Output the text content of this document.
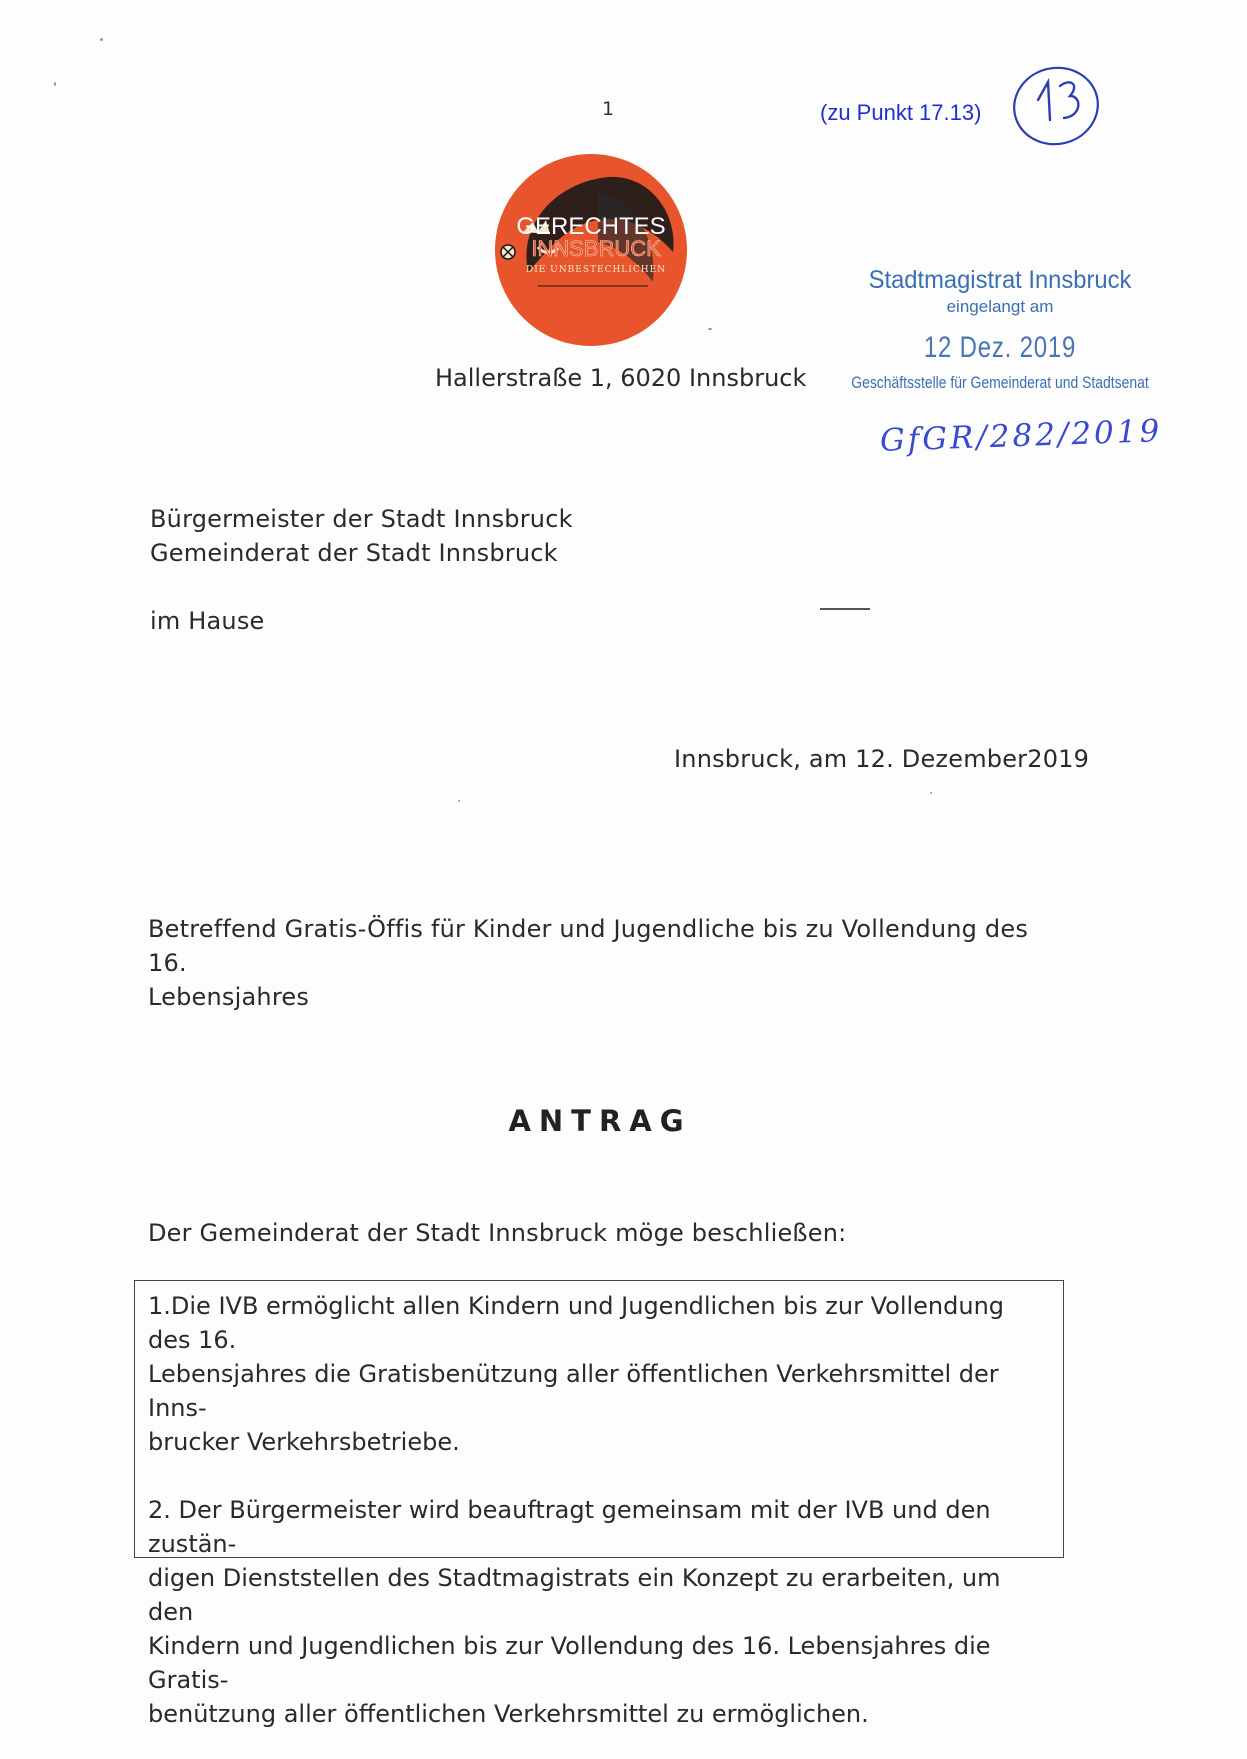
1	(zu Punkt 17.13)
GERECHTES
INNSBRUCK
DIE UNBESTECHLICHEN
Hallerstraße 1, 6020 Innsbruck
Stadtmagistrat Innsbruck
eingelangt am
12 Dez. 2019
Geschäftsstelle für Gemeinderat und Stadtsenat
GfGR/282/2019
Bürgermeister der Stadt Innsbruck
Gemeinderat der Stadt Innsbruck
im Hause
Innsbruck, am 12. Dezember2019
Betreffend Gratis-Öffis für Kinder und Jugendliche bis zu Vollendung des 16.
Lebensjahres
ANTRAG
Der Gemeinderat der Stadt Innsbruck möge beschließen:

1.Die IVB ermöglicht allen Kindern und Jugendlichen bis zur Vollendung des 16.
Lebensjahres die Gratisbenützung aller öffentlichen Verkehrsmittel der Inns-
brucker Verkehrsbetriebe.

2. Der Bürgermeister wird beauftragt gemeinsam mit der IVB und den zustän-
digen Dienststellen des Stadtmagistrats ein Konzept zu erarbeiten, um den
Kindern und Jugendlichen bis zur Vollendung des 16. Lebensjahres die Gratis-
benützung aller öffentlichen Verkehrsmittel zu ermöglichen.
